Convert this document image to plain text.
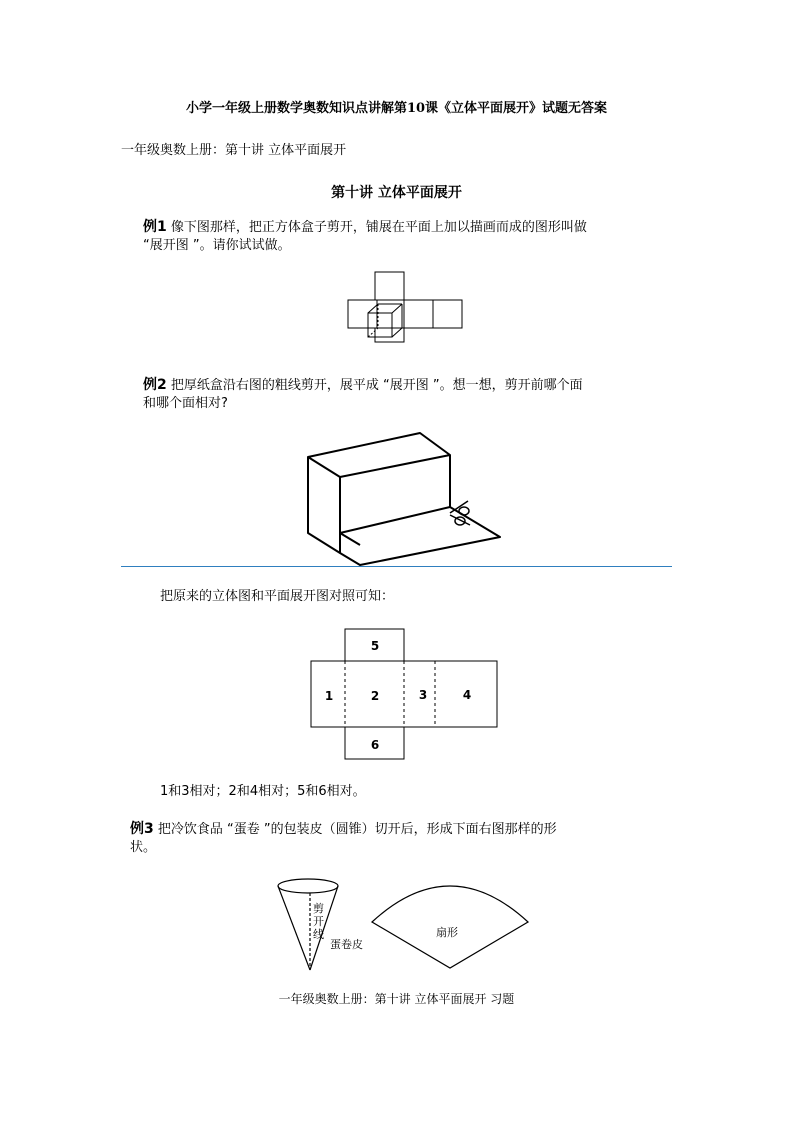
小学一年级上册数学奥数知识点讲解第10课《立体平面展开》试题无答案
一年级奥数上册：第十讲 立体平面展开
第十讲 立体平面展开
例1 像下图那样，把正方体盒子剪开，铺展在平面上加以描画而成的图形叫做
“展开图 ”。请你试试做。
例2 把厚纸盒沿右图的粗线剪开，展平成 “展开图 ”。想一想，剪开前哪个面
和哪个面相对?
把原来的立体图和平面展开图对照可知：
5
1	2	3	4
6
1和3相对；2和4相对；5和6相对。
例3 把冷饮食品 “蛋卷 ”的包装皮（圆锥）切开后，形成下面右图那样的形
状。
剪开线
蛋卷皮
扇形
一年级奥数上册：第十讲 立体平面展开 习题
